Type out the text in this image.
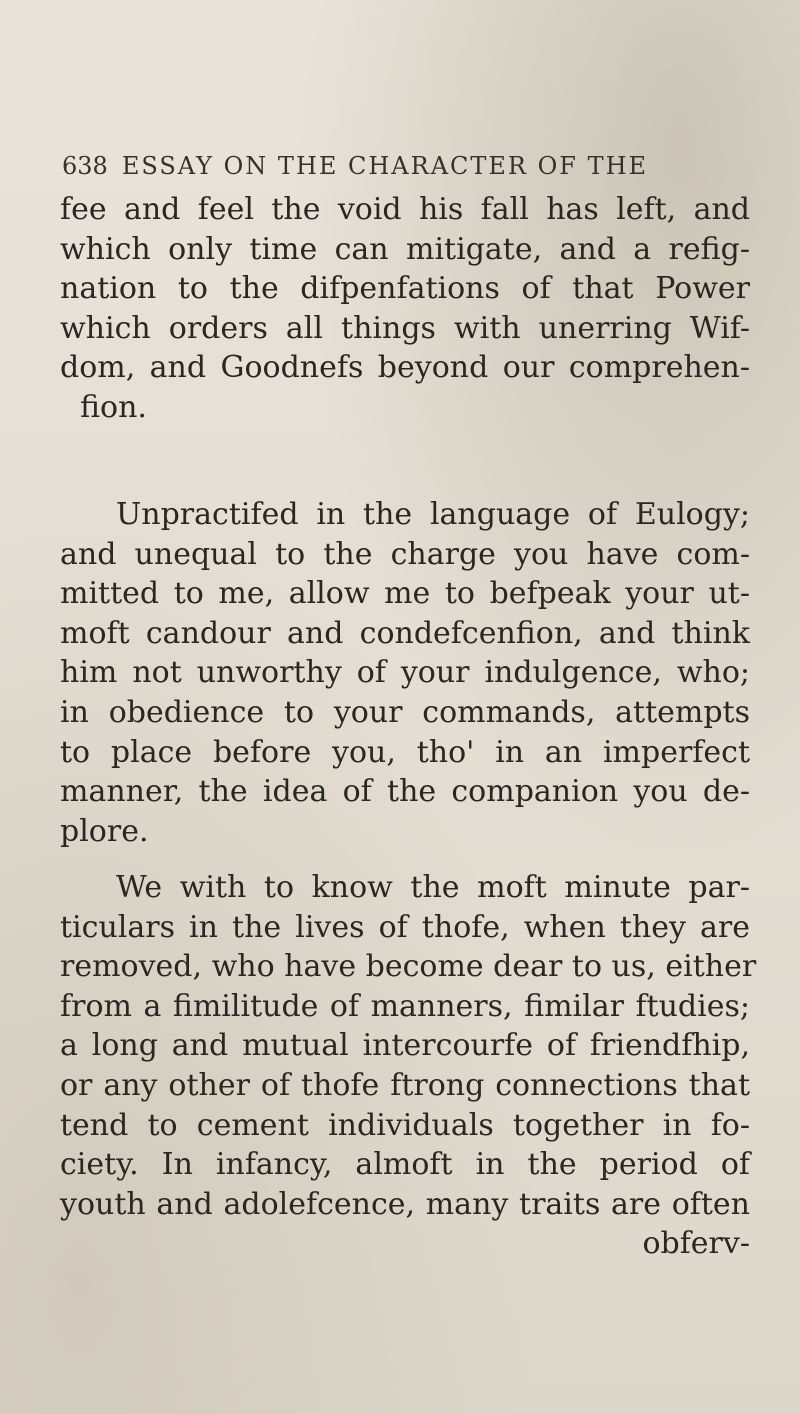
638 ESSAY ON THE CHARACTER OF THE
fee and feel the void his fall has left, and
which only time can mitigate, and a refig-
nation to the difpenfations of that Power
which orders all things with unerring Wif-
dom, and Goodnefs beyond our comprehen-
fion.
Unpractifed in the language of Eulogy;
and unequal to the charge you have com-
mitted to me, allow me to befpeak your ut-
moft candour and condefcenfion, and think
him not unworthy of your indulgence, who;
in obedience to your commands, attempts
to place before you, tho' in an imperfect
manner, the idea of the companion you de-
plore.
We with to know the moft minute par-
ticulars in the lives of thofe, when they are
removed, who have become dear to us, either
from a fimilitude of manners, fimilar ftudies;
a long and mutual intercourfe of friendfhip,
or any other of thofe ftrong connections that
tend to cement individuals together in fo-
ciety. In infancy, almoft in the period of
youth and adolefcence, many traits are often
obferv-
